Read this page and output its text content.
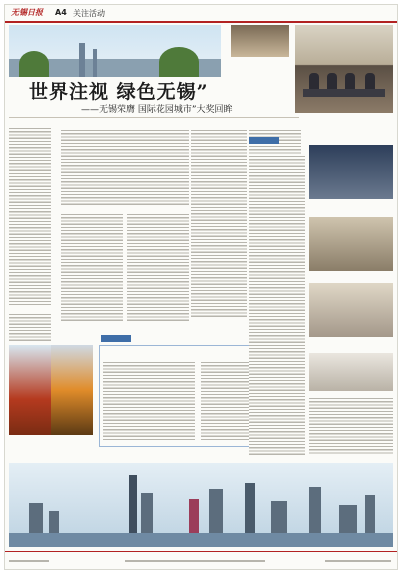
无锡日报 A4 关注活动
世界注视 绿色无锡”
——无锡荣膺 国际花园城市”大奖回眸
